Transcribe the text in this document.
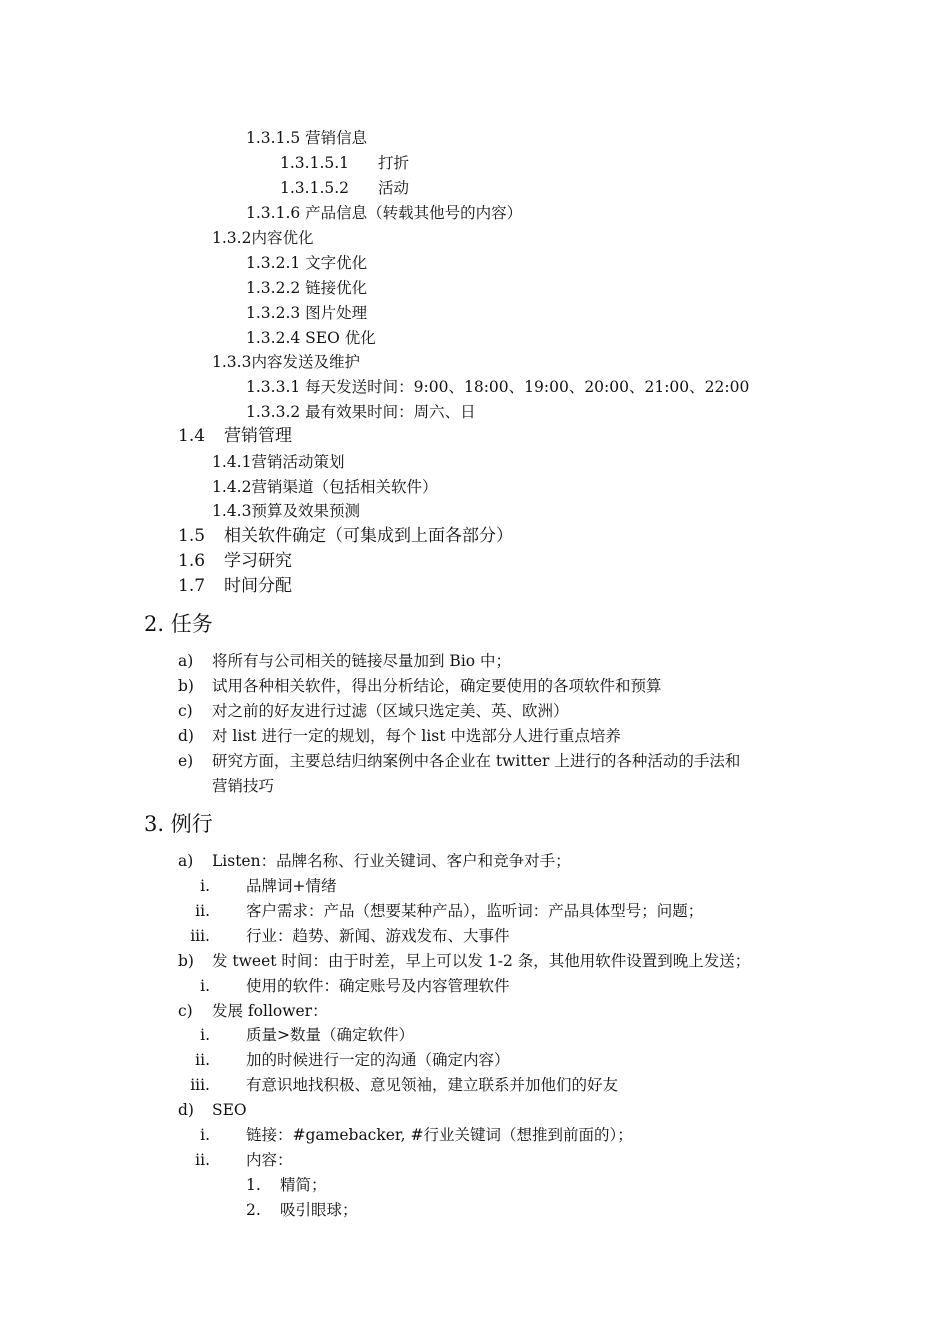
1.3.1.5 营销信息
1.3.1.5.1 打折
1.3.1.5.2 活动
1.3.1.6 产品信息（转载其他号的内容）
1.3.2内容优化
1.3.2.1 文字优化
1.3.2.2 链接优化
1.3.2.3 图片处理
1.3.2.4 SEO 优化
1.3.3内容发送及维护
1.3.3.1 每天发送时间：9:00、18:00、19:00、20:00、21:00、22:00
1.3.3.2 最有效果时间：周六、日
1.4 营销管理
1.4.1营销活动策划
1.4.2营销渠道（包括相关软件）
1.4.3预算及效果预测
1.5 相关软件确定（可集成到上面各部分）
1.6 学习研究
1.7 时间分配
2. 任务
a) 将所有与公司相关的链接尽量加到 Bio 中；
b) 试用各种相关软件，得出分析结论，确定要使用的各项软件和预算
c) 对之前的好友进行过滤（区域只选定美、英、欧洲）
d) 对 list 进行一定的规划，每个 list 中选部分人进行重点培养
e) 研究方面，主要总结归纳案例中各企业在 twitter 上进行的各种活动的手法和
营销技巧
3. 例行
a) Listen：品牌名称、行业关键词、客户和竞争对手；
i. 品牌词+情绪
ii. 客户需求：产品（想要某种产品），监听词：产品具体型号；问题；
iii. 行业：趋势、新闻、游戏发布、大事件
b) 发 tweet 时间：由于时差，早上可以发 1-2 条，其他用软件设置到晚上发送；
i. 使用的软件：确定账号及内容管理软件
c) 发展 follower：
i. 质量>数量（确定软件）
ii. 加的时候进行一定的沟通（确定内容）
iii. 有意识地找积极、意见领袖，建立联系并加他们的好友
d) SEO
i. 链接：#gamebacker, #行业关键词（想推到前面的）；
ii. 内容：
1. 精简；
2. 吸引眼球；
